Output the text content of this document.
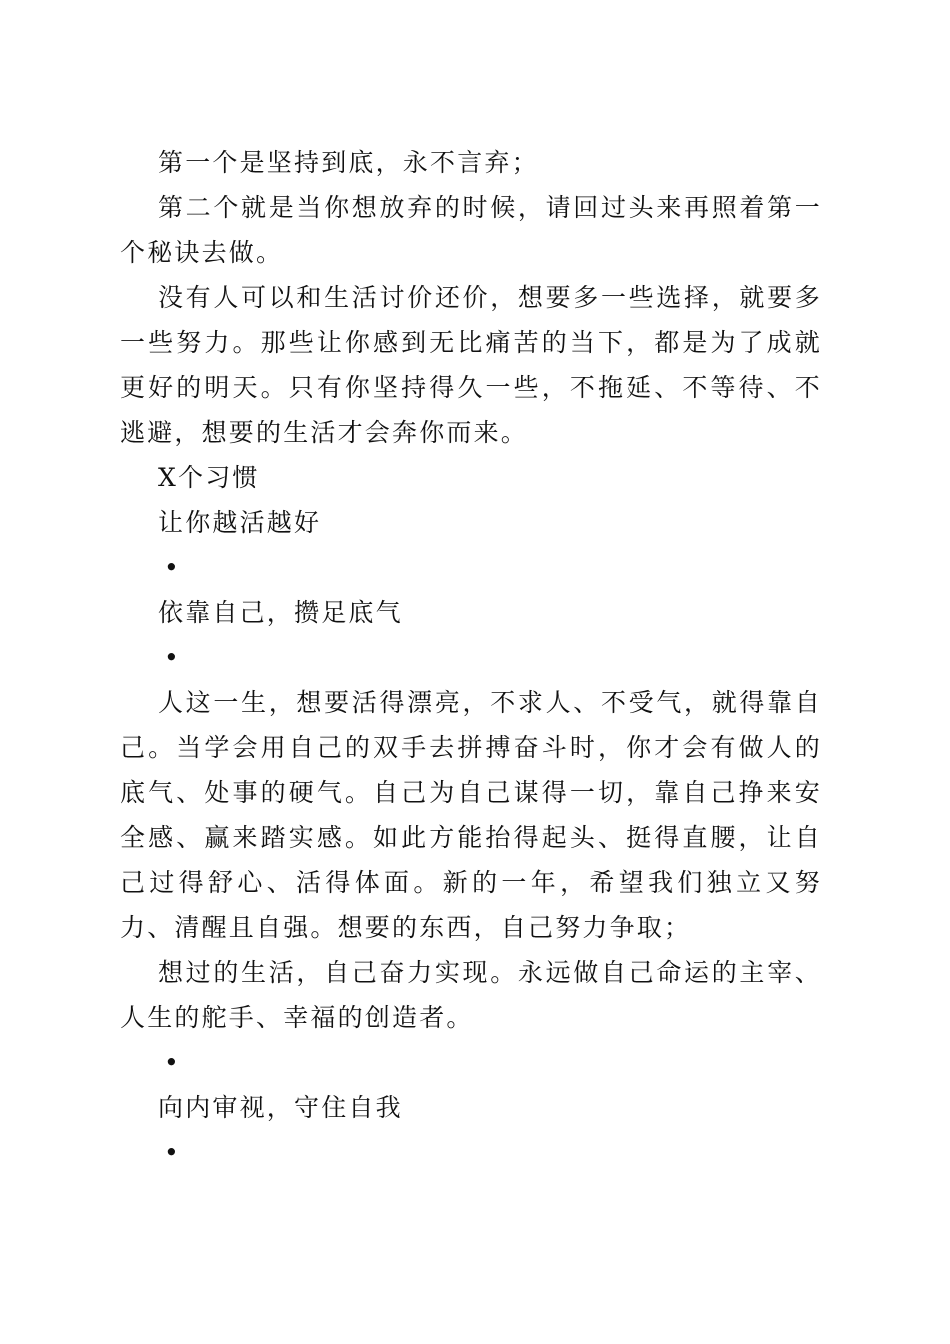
第一个是坚持到底，永不言弃；

第二个就是当你想放弃的时候，请回过头来再照着第一个秘诀去做。

没有人可以和生活讨价还价，想要多一些选择，就要多一些努力。那些让你感到无比痛苦的当下，都是为了成就更好的明天。只有你坚持得久一些，不拖延、不等待、不逃避，想要的生活才会奔你而来。

X个习惯

让你越活越好

•

依靠自己，攒足底气

•

人这一生，想要活得漂亮，不求人、不受气，就得靠自己。当学会用自己的双手去拼搏奋斗时，你才会有做人的底气、处事的硬气。自己为自己谋得一切，靠自己挣来安全感、赢来踏实感。如此方能抬得起头、挺得直腰，让自己过得舒心、活得体面。新的一年，希望我们独立又努力、清醒且自强。想要的东西，自己努力争取；

想过的生活，自己奋力实现。永远做自己命运的主宰、人生的舵手、幸福的创造者。

•

向内审视，守住自我

•
